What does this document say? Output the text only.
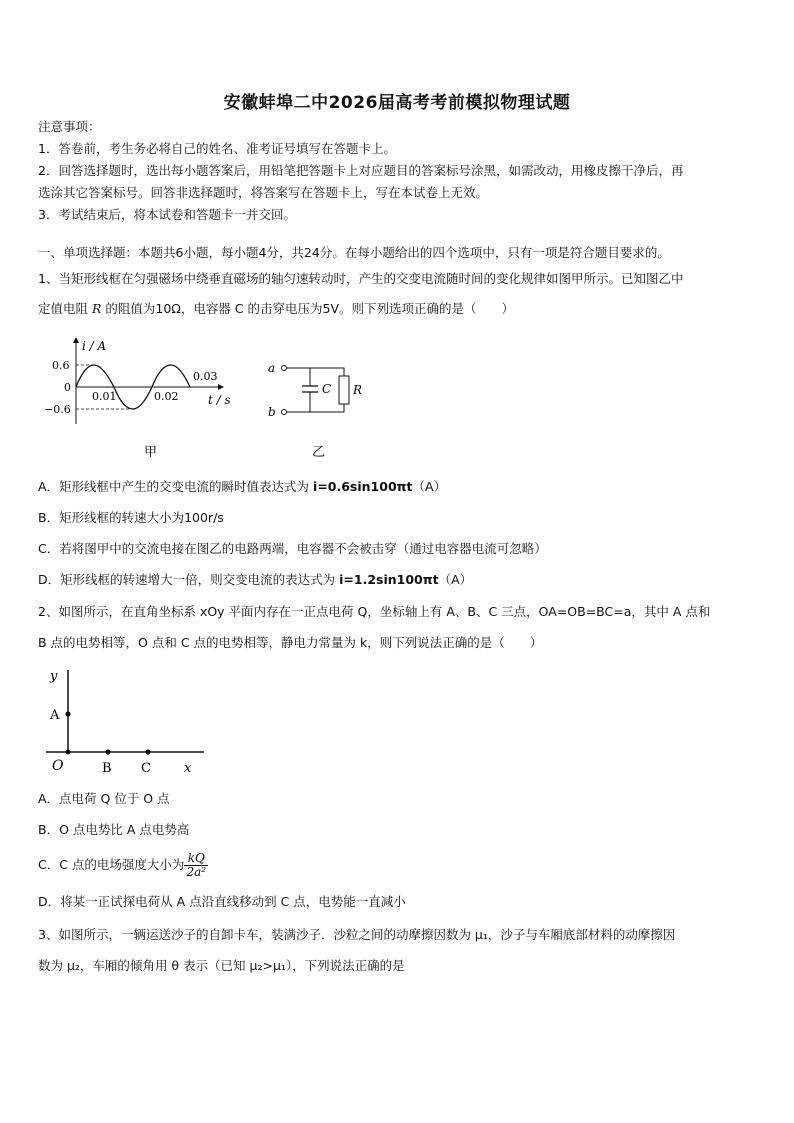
安徽蚌埠二中2026届高考考前模拟物理试题
注意事项：
1．答卷前，考生务必将自己的姓名、准考证号填写在答题卡上。
2．回答选择题时，选出每小题答案后，用铅笔把答题卡上对应题目的答案标号涂黑，如需改动，用橡皮擦干净后，再
选涂其它答案标号。回答非选择题时，将答案写在答题卡上，写在本试卷上无效。
3．考试结束后，将本试卷和答题卡一并交回。
一、单项选择题：本题共6小题，每小题4分，共24分。在每小题给出的四个选项中，只有一项是符合题目要求的。
1、当矩形线框在匀强磁场中绕垂直磁场的轴匀速转动时，产生的交变电流随时间的变化规律如图甲所示。已知图乙中
定值电阻 R 的阻值为10Ω，电容器 C 的击穿电压为5V。则下列选项正确的是（　　）
i / A
0.6
0
−0.6
0.01	0.02
0.03
t / s
甲
a
b
C R
乙
A．矩形线框中产生的交变电流的瞬时值表达式为 i=0.6sin100πt（A）
B．矩形线框的转速大小为100r/s
C．若将图甲中的交流电接在图乙的电路两端，电容器不会被击穿（通过电容器电流可忽略）
D．矩形线框的转速增大一倍，则交变电流的表达式为 i=1.2sin100πt（A）
2、如图所示，在直角坐标系 xOy 平面内存在一正点电荷 Q，坐标轴上有 A、B、C 三点，OA=OB=BC=a，其中 A 点和
B 点的电势相等，O 点和 C 点的电势相等，静电力常量为 k，则下列说法正确的是（　　）
y
x
A
O	B C
A．点电荷 Q 位于 O 点
B．O 点电势比 A 点电势高
C．C 点的电场强度大小为 $\frac{kQ}{\text{2a²}}$
D．将某一正试探电荷从 A 点沿直线移动到 C 点，电势能一直减小
3、如图所示，一辆运送沙子的自卸卡车，装满沙子．沙粒之间的动摩擦因数为 μ₁，沙子与车厢底部材料的动摩擦因
数为 μ₂，车厢的倾角用 θ 表示（已知 μ₂>μ₁），下列说法正确的是
